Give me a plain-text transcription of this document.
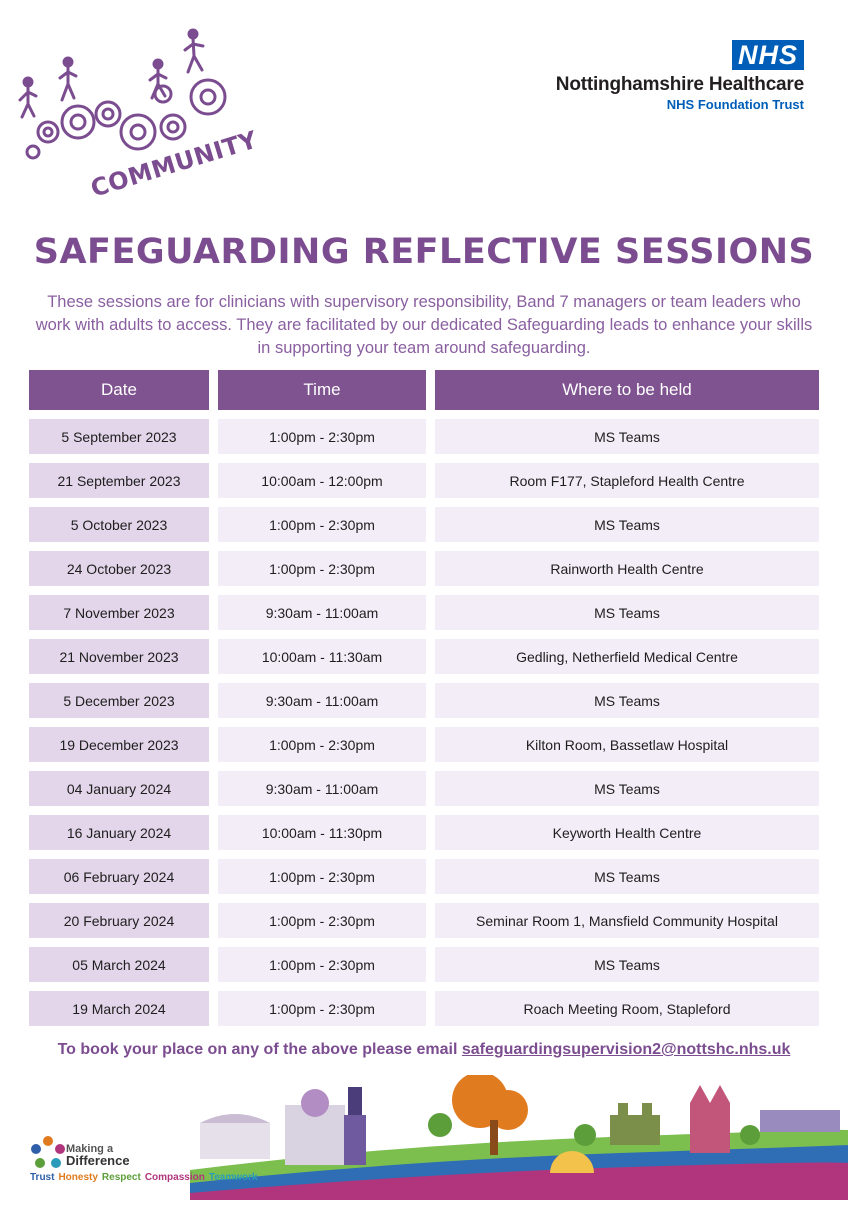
COMMUNITY
NHS
Nottinghamshire Healthcare
NHS Foundation Trust
SAFEGUARDING REFLECTIVE SESSIONS
These sessions are for clinicians with supervisory responsibility, Band 7 managers or team leaders who work with adults to access. They are facilitated by our dedicated Safeguarding leads to enhance your skills in supporting your team around safeguarding.
Date	Time	Where to be held
5 September 2023	1:00pm - 2:30pm	MS Teams
21 September 2023	10:00am - 12:00pm	Room F177, Stapleford Health Centre
5 October 2023	1:00pm - 2:30pm	MS Teams
24 October 2023	1:00pm - 2:30pm	Rainworth Health Centre
7 November 2023	9:30am - 11:00am	MS Teams
21 November 2023	10:00am - 11:30am	Gedling, Netherfield Medical Centre
5 December 2023	9:30am - 11:00am	MS Teams
19 December 2023	1:00pm - 2:30pm	Kilton Room, Bassetlaw Hospital
04 January 2024	9:30am - 11:00am	MS Teams
16 January 2024	10:00am - 11:30pm	Keyworth Health Centre
06 February 2024	1:00pm - 2:30pm	MS Teams
20 February 2024	1:00pm - 2:30pm	Seminar Room 1, Mansfield Community Hospital
05 March 2024	1:00pm - 2:30pm	MS Teams
19 March 2024	1:00pm - 2:30pm	Roach Meeting Room, Stapleford
To book your place on any of the above please email safeguardingsupervision2@nottshc.nhs.uk
Making a
Difference
Trust Honesty Respect Compassion Teamwork
